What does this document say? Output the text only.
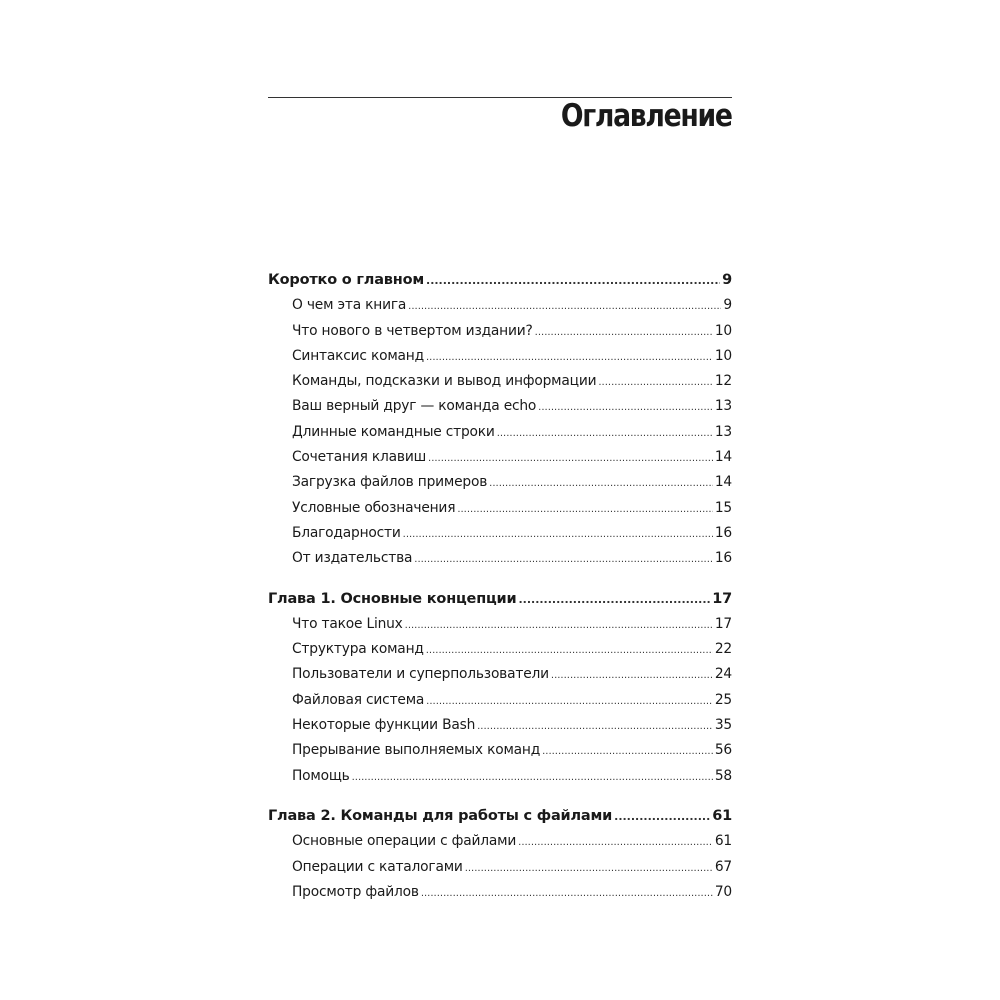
Оглавление
Коротко о главном .....	9
О чем эта книга .....	9
Что нового в четвертом издании? .....	10
Синтаксис команд .....	10
Команды, подсказки и вывод информации .....	12
Ваш верный друг — команда echo .....	13
Длинные командные строки .....	13
Сочетания клавиш .....	14
Загрузка файлов примеров .....	14
Условные обозначения .....	15
Благодарности .....	16
От издательства .....	16
Глава 1. Основные концепции .....	17
Что такое Linux .....	17
Структура команд .....	22
Пользователи и суперпользователи .....	24
Файловая система .....	25
Некоторые функции Bash .....	35
Прерывание выполняемых команд .....	56
Помощь .....	58
Глава 2. Команды для работы с файлами .....	61
Основные операции с файлами .....	61
Операции с каталогами .....	67
Просмотр файлов .....	70
